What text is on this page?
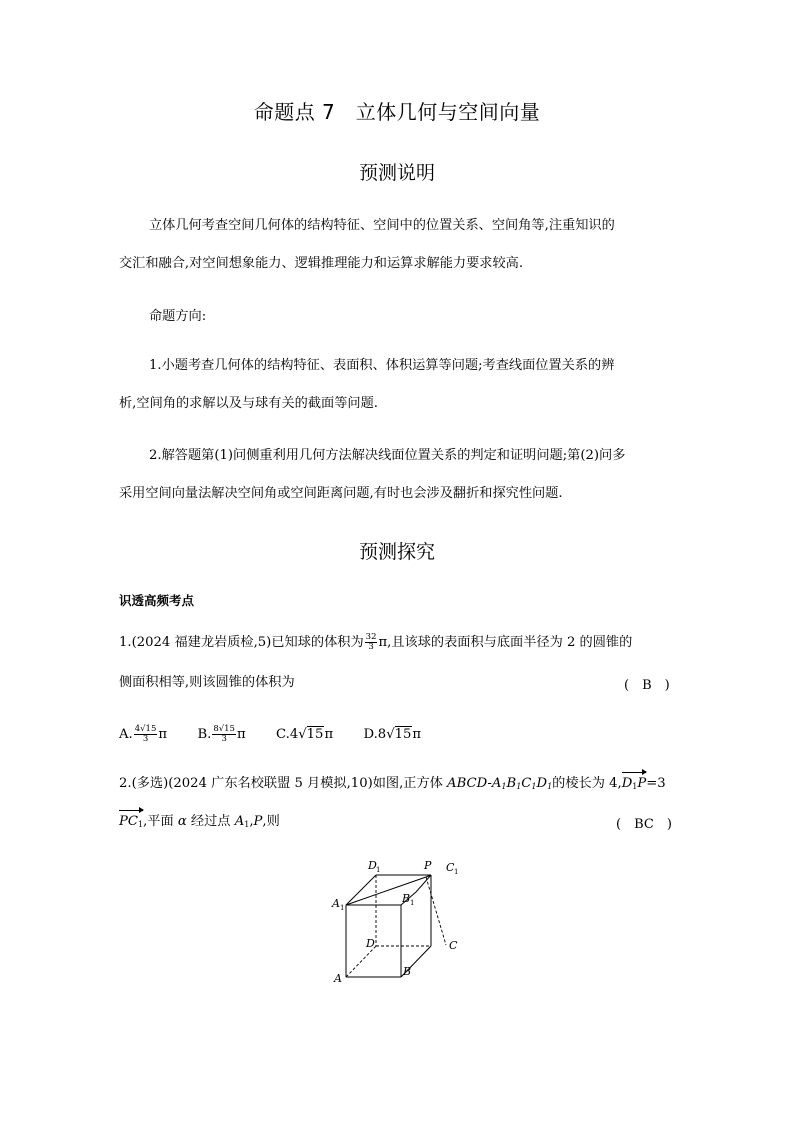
命题点 7　立体几何与空间向量
预测说明
立体几何考查空间几何体的结构特征、空间中的位置关系、空间角等,注重知识的
交汇和融合,对空间想象能力、逻辑推理能力和运算求解能力要求较高.
命题方向:
1.小题考查几何体的结构特征、表面积、体积运算等问题;考查线面位置关系的辨
析,空间角的求解以及与球有关的截面等问题.
2.解答题第(1)问侧重利用几何方法解决线面位置关系的判定和证明问题;第(2)问多
采用空间向量法解决空间角或空间距离问题,有时也会涉及翻折和探究性问题.
预测探究
识透高频考点
1.(2024 福建龙岩质检,5)已知球的体积为 $\frac{32}{3} \pi$,且该球的表面积与底面半径为 2 的圆锥的
侧面积相等,则该圆锥的体积为	(　B　)
A. $\frac{4√15}{3}$ π B. $\frac{8√15}{3}$ π C.4√15π D.8√15π
2.(多选)(2024 广东名校联盟 5 月模拟,10)如图,正方体 ABCD-$A_1B_1C_1D_1$的棱长为 $4,D_1P=3$
$PC_1$,平面 α 经过点 $A_1,P$,则	(　BC　)
D 1	P C 1
A 1
B 1
D	C
A
B
